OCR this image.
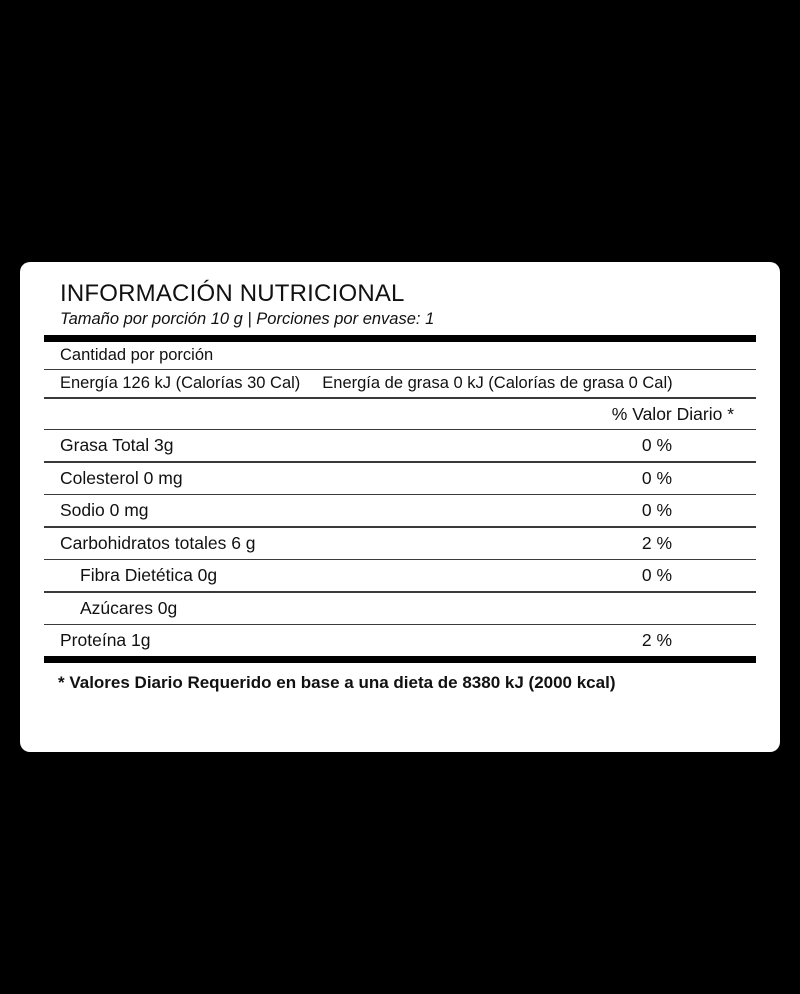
INFORMACIÓN NUTRICIONAL
Tamaño por porción 10 g | Porciones por envase: 1
Cantidad por porción
Energía 126 kJ (Calorías 30 Cal) Energía de grasa 0 kJ (Calorías de grasa 0 Cal)
% Valor Diario *
Grasa Total 3g	0 %
Colesterol 0 mg	0 %
Sodio 0 mg	0 %
Carbohidratos totales 6 g	2 %
Fibra Dietética 0g	0 %
Azúcares 0g
Proteína 1g	2 %
* Valores Diario Requerido en base a una dieta de 8380 kJ (2000 kcal)
